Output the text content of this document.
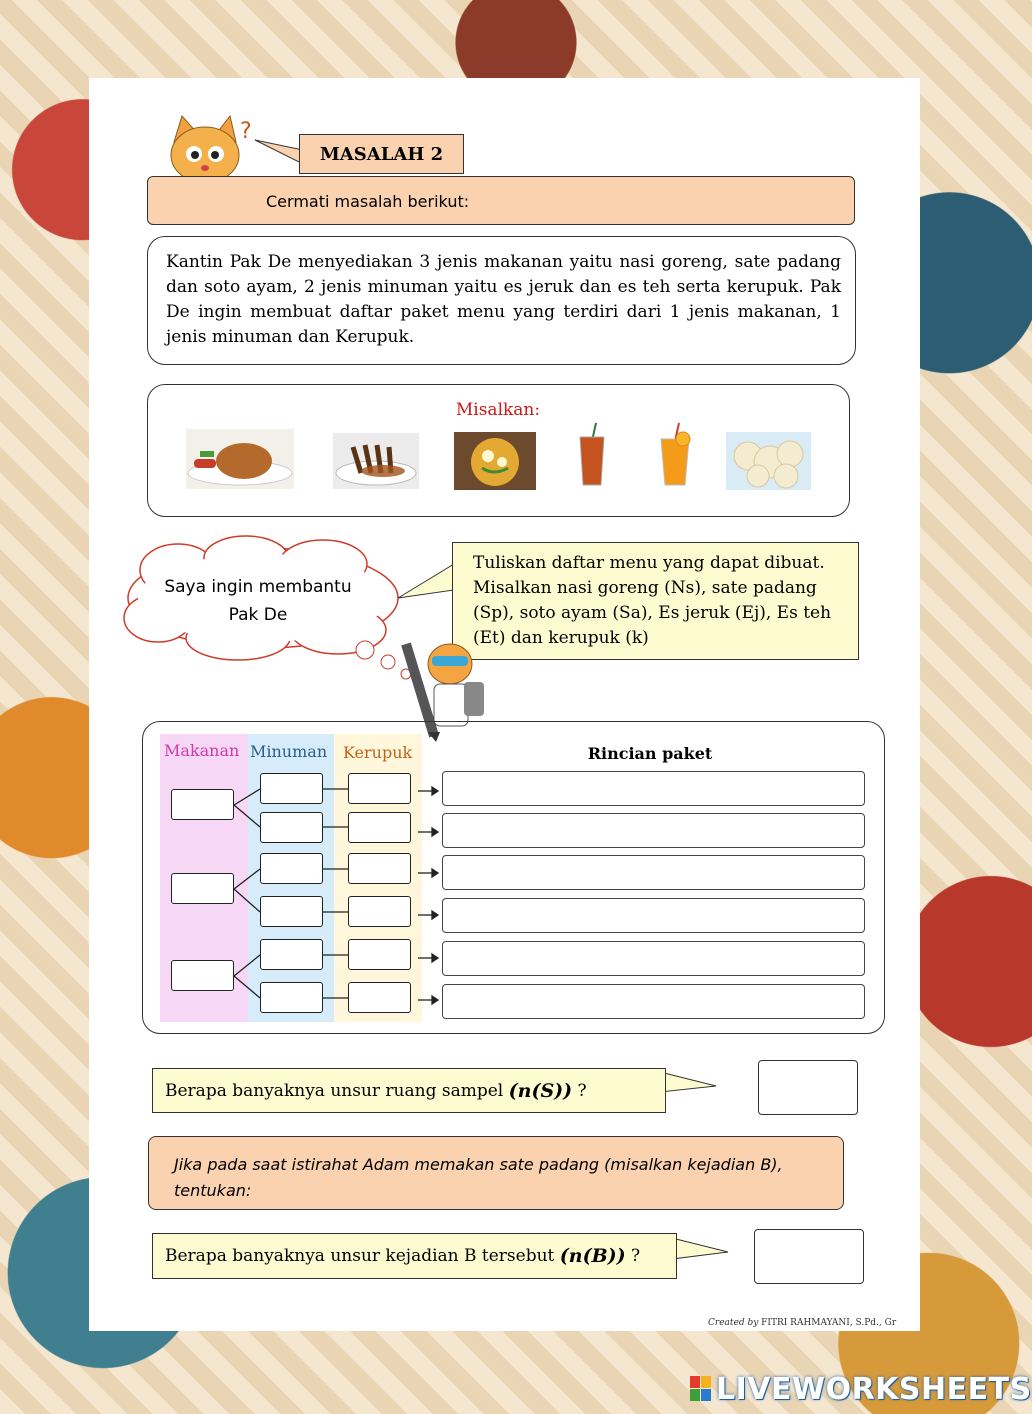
?
MASALAH 2
Cermati masalah berikut:
Kantin Pak De menyediakan 3 jenis makanan yaitu nasi goreng, sate padang dan soto ayam, 2 jenis minuman yaitu es jeruk dan es teh serta kerupuk. Pak De ingin membuat daftar paket menu yang terdiri dari 1 jenis makanan, 1 jenis minuman dan Kerupuk.
Misalkan:
Saya ingin membantu Pak De
Tuliskan daftar menu yang dapat dibuat. Misalkan nasi goreng (Ns), sate padang (Sp), soto ayam (Sa), Es jeruk (Ej), Es teh (Et) dan kerupuk (k)
Makanan Minuman Kerupuk	Rincian paket
Berapa banyaknya unsur ruang sampel (n(S)) ?
Jika pada saat istirahat Adam memakan sate padang (misalkan kejadian B), tentukan:
Berapa banyaknya unsur kejadian B tersebut (n(B)) ?
Created by FITRI RAHMAYANI, S.Pd., Gr
LIVEWORKSHEETS
